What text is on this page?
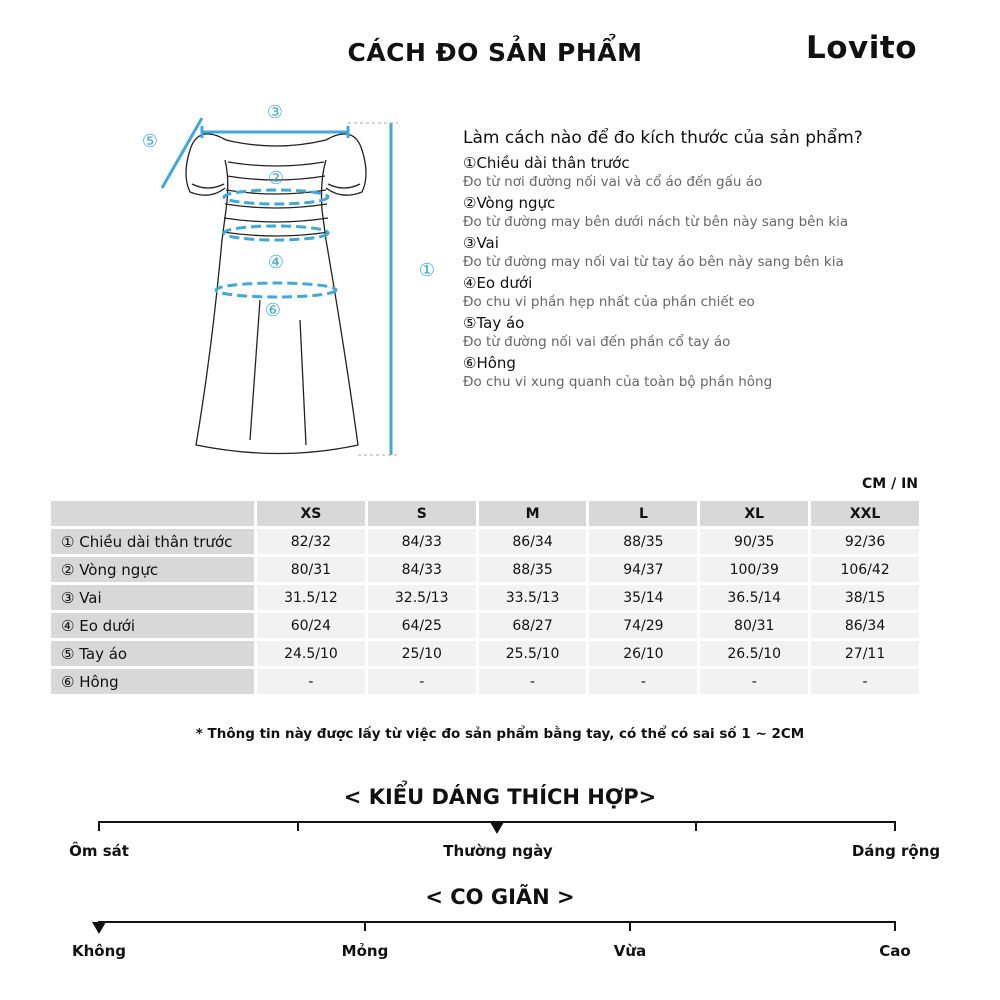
CÁCH ĐO SẢN PHẨM	Lovito
③
⑤
②
④
⑥
①
Làm cách nào để đo kích thước của sản phẩm?
①Chiều dài thân trước
Đo từ nơi đường nối vai và cổ áo đến gấu áo
②Vòng ngực
Đo từ đường may bên dưới nách từ bên này sang bên kia
③Vai
Đo từ đường may nối vai từ tay áo bên này sang bên kia
④Eo dưới
Đo chu vi phần hẹp nhất của phần chiết eo
⑤Tay áo
Đo từ đường nối vai đến phần cổ tay áo
⑥Hông
Đo chu vi xung quanh của toàn bộ phần hông
CM / IN
	XS	S	M	L	XL	XXL
① Chiều dài thân trước	82/32	84/33	86/34	88/35	90/35	92/36
② Vòng ngực	80/31	84/33	88/35	94/37	100/39	106/42
③ Vai	31.5/12	32.5/13	33.5/13	35/14	36.5/14	38/15
④ Eo dưới	60/24	64/25	68/27	74/29	80/31	86/34
⑤ Tay áo	24.5/10	25/10	25.5/10	26/10	26.5/10	27/11
⑥ Hông	-	-	-	-	-	-
* Thông tin này được lấy từ việc đo sản phẩm bằng tay, có thể có sai số 1 ~ 2CM
< KIỂU DÁNG THÍCH HỢP>
Ôm sát	Thường ngày	Dáng rộng
< CO GIÃN >
Không	Mỏng	Vừa	Cao
